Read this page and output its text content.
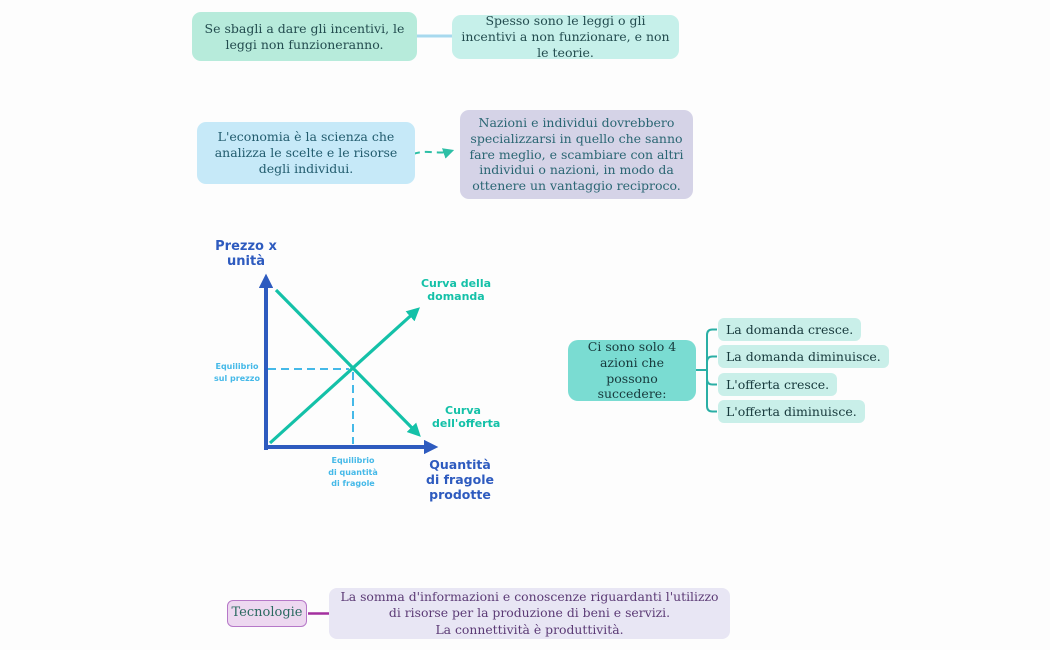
Se sbagli a dare gli incentivi, le leggi non funzioneranno.
Spesso sono le leggi o gli incentivi a non funzionare, e non le teorie.
L'economia è la scienza che analizza le scelte e le risorse degli individui.
Nazioni e individui dovrebbero specializzarsi in quello che sanno fare meglio, e scambiare con altri individui o nazioni, in modo da ottenere un vantaggio reciproco.
Ci sono solo 4 azioni che possono succedere:
La domanda cresce.
La domanda diminuisce.
L'offerta cresce.
L'offerta diminuisce.
Tecnologie
La somma d'informazioni e conoscenze riguardanti l'utilizzo di risorse per la produzione di beni e servizi.
La connettività è produttività.
Prezzo x unità
Quantità di fragole prodotte
Curva della domanda
Curva dell'offerta
Equilibrio sul prezzo
Equilibrio di quantità di fragole
